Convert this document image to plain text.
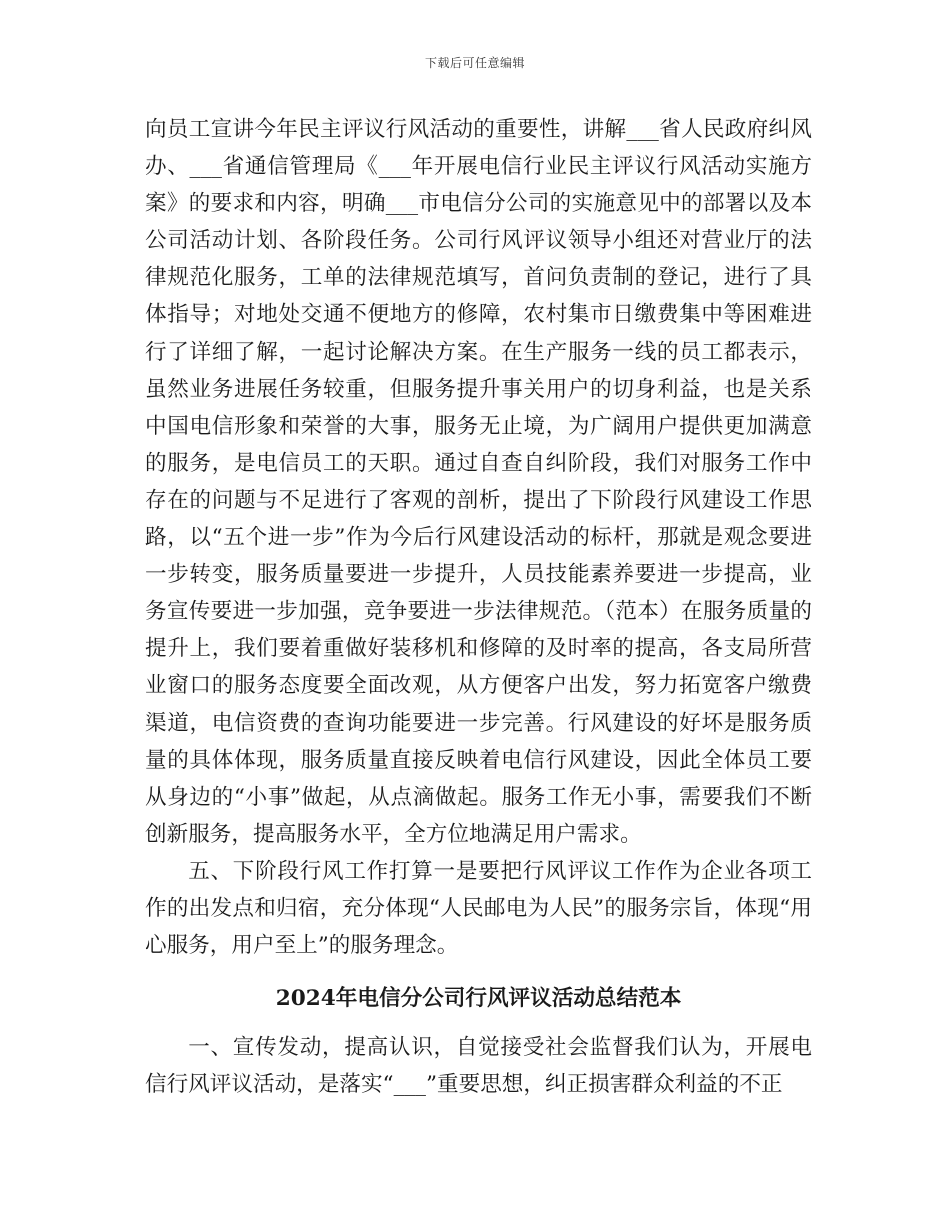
下载后可任意编辑

向员工宣讲今年民主评议行风活动的重要性，讲解___省人民政府纠风办、___省通信管理局《___年开展电信行业民主评议行风活动实施方案》的要求和内容，明确___市电信分公司的实施意见中的部署以及本公司活动计划、各阶段任务。公司行风评议领导小组还对营业厅的法律规范化服务，工单的法律规范填写，首问负责制的登记，进行了具体指导；对地处交通不便地方的修障，农村集市日缴费集中等困难进行了详细了解，一起讨论解决方案。在生产服务一线的员工都表示，虽然业务进展任务较重，但服务提升事关用户的切身利益，也是关系中国电信形象和荣誉的大事，服务无止境，为广阔用户提供更加满意的服务，是电信员工的天职。通过自查自纠阶段，我们对服务工作中存在的问题与不足进行了客观的剖析，提出了下阶段行风建设工作思路，以“五个进一步”作为今后行风建设活动的标杆，那就是观念要进一步转变，服务质量要进一步提升，人员技能素养要进一步提高，业务宣传要进一步加强，竞争要进一步法律规范。（范本）在服务质量的提升上，我们要着重做好装移机和修障的及时率的提高，各支局所营业窗口的服务态度要全面改观，从方便客户出发，努力拓宽客户缴费渠道，电信资费的查询功能要进一步完善。行风建设的好坏是服务质量的具体体现，服务质量直接反映着电信行风建设，因此全体员工要从身边的“小事”做起，从点滴做起。服务工作无小事，需要我们不断创新服务，提高服务水平，全方位地满足用户需求。

五、下阶段行风工作打算一是要把行风评议工作作为企业各项工作的出发点和归宿，充分体现“人民邮电为人民”的服务宗旨，体现“用心服务，用户至上”的服务理念。

2024年电信分公司行风评议活动总结范本

一、宣传发动，提高认识，自觉接受社会监督我们认为，开展电信行风评议活动，是落实“___”重要思想，纠正损害群众利益的不正
